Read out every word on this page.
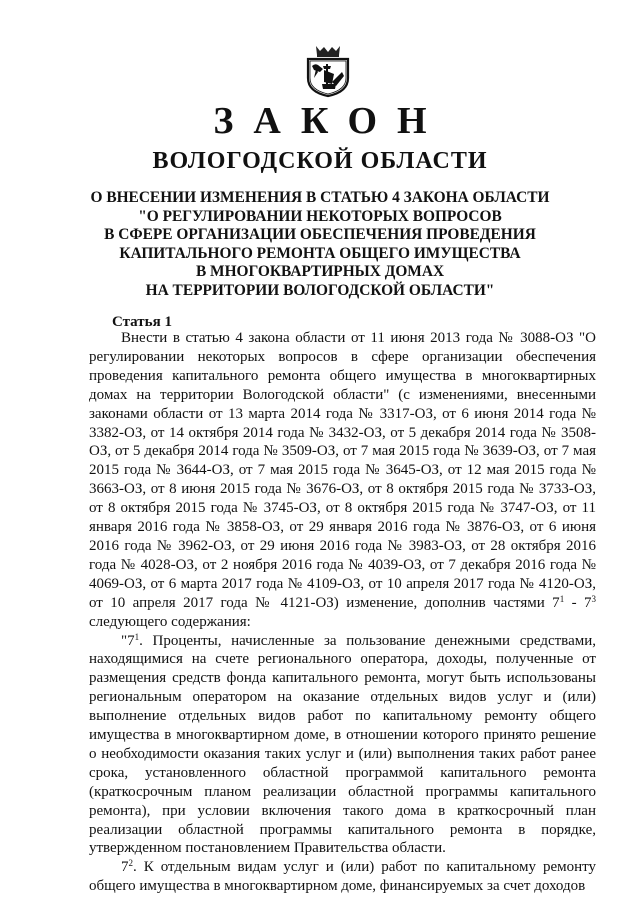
ЗАКОН
ВОЛОГОДСКОЙ ОБЛАСТИ
О ВНЕСЕНИИ ИЗМЕНЕНИЯ В СТАТЬЮ 4 ЗАКОНА ОБЛАСТИ
"О РЕГУЛИРОВАНИИ НЕКОТОРЫХ ВОПРОСОВ
В СФЕРЕ ОРГАНИЗАЦИИ ОБЕСПЕЧЕНИЯ ПРОВЕДЕНИЯ
КАПИТАЛЬНОГО РЕМОНТА ОБЩЕГО ИМУЩЕСТВА
В МНОГОКВАРТИРНЫХ ДОМАХ
НА ТЕРРИТОРИИ ВОЛОГОДСКОЙ ОБЛАСТИ"
Статья 1

Внести в статью 4 закона области от 11 июня 2013 года № 3088-ОЗ "О регулировании некоторых вопросов в сфере организации обеспечения проведения капитального ремонта общего имущества в многоквартирных домах на территории Вологодской области" (с изменениями, внесенными законами области от 13 марта 2014 года № 3317-ОЗ, от 6 июня 2014 года № 3382-ОЗ, от 14 октября 2014 года № 3432-ОЗ, от 5 декабря 2014 года № 3508-ОЗ, от 5 декабря 2014 года № 3509-ОЗ, от 7 мая 2015 года № 3639-ОЗ, от 7 мая 2015 года № 3644-ОЗ, от 7 мая 2015 года № 3645-ОЗ, от 12 мая 2015 года № 3663-ОЗ, от 8 июня 2015 года № 3676-ОЗ, от 8 октября 2015 года № 3733-ОЗ, от 8 октября 2015 года № 3745-ОЗ, от 8 октября 2015 года № 3747-ОЗ, от 11 января 2016 года № 3858-ОЗ, от 29 января 2016 года № 3876-ОЗ, от 6 июня 2016 года № 3962-ОЗ, от 29 июня 2016 года № 3983-ОЗ, от 28 октября 2016 года № 4028-ОЗ, от 2 ноября 2016 года № 4039-ОЗ, от 7 декабря 2016 года № 4069-ОЗ, от 6 марта 2017 года № 4109-ОЗ, от 10 апреля 2017 года № 4120-ОЗ, от 10 апреля 2017 года № 4121-ОЗ) изменение, дополнив частями $7^1 - 7^3$ следующего содержания:

"$7^1$. Проценты, начисленные за пользование денежными средствами, находящимися на счете регионального оператора, доходы, полученные от размещения средств фонда капитального ремонта, могут быть использованы региональным оператором на оказание отдельных видов услуг и (или) выполнение отдельных видов работ по капитальному ремонту общего имущества в многоквартирном доме, в отношении которого принято решение о необходимости оказания таких услуг и (или) выполнения таких работ ранее срока, установленного областной программой капитального ремонта (краткосрочным планом реализации областной программы капитального ремонта), при условии включения такого дома в краткосрочный план реализации областной программы капитального ремонта в порядке, утвержденном постановлением Правительства области.

$7^2$. К отдельным видам услуг и (или) работ по капитальному ремонту общего имущества в многоквартирном доме, финансируемых за счет доходов
